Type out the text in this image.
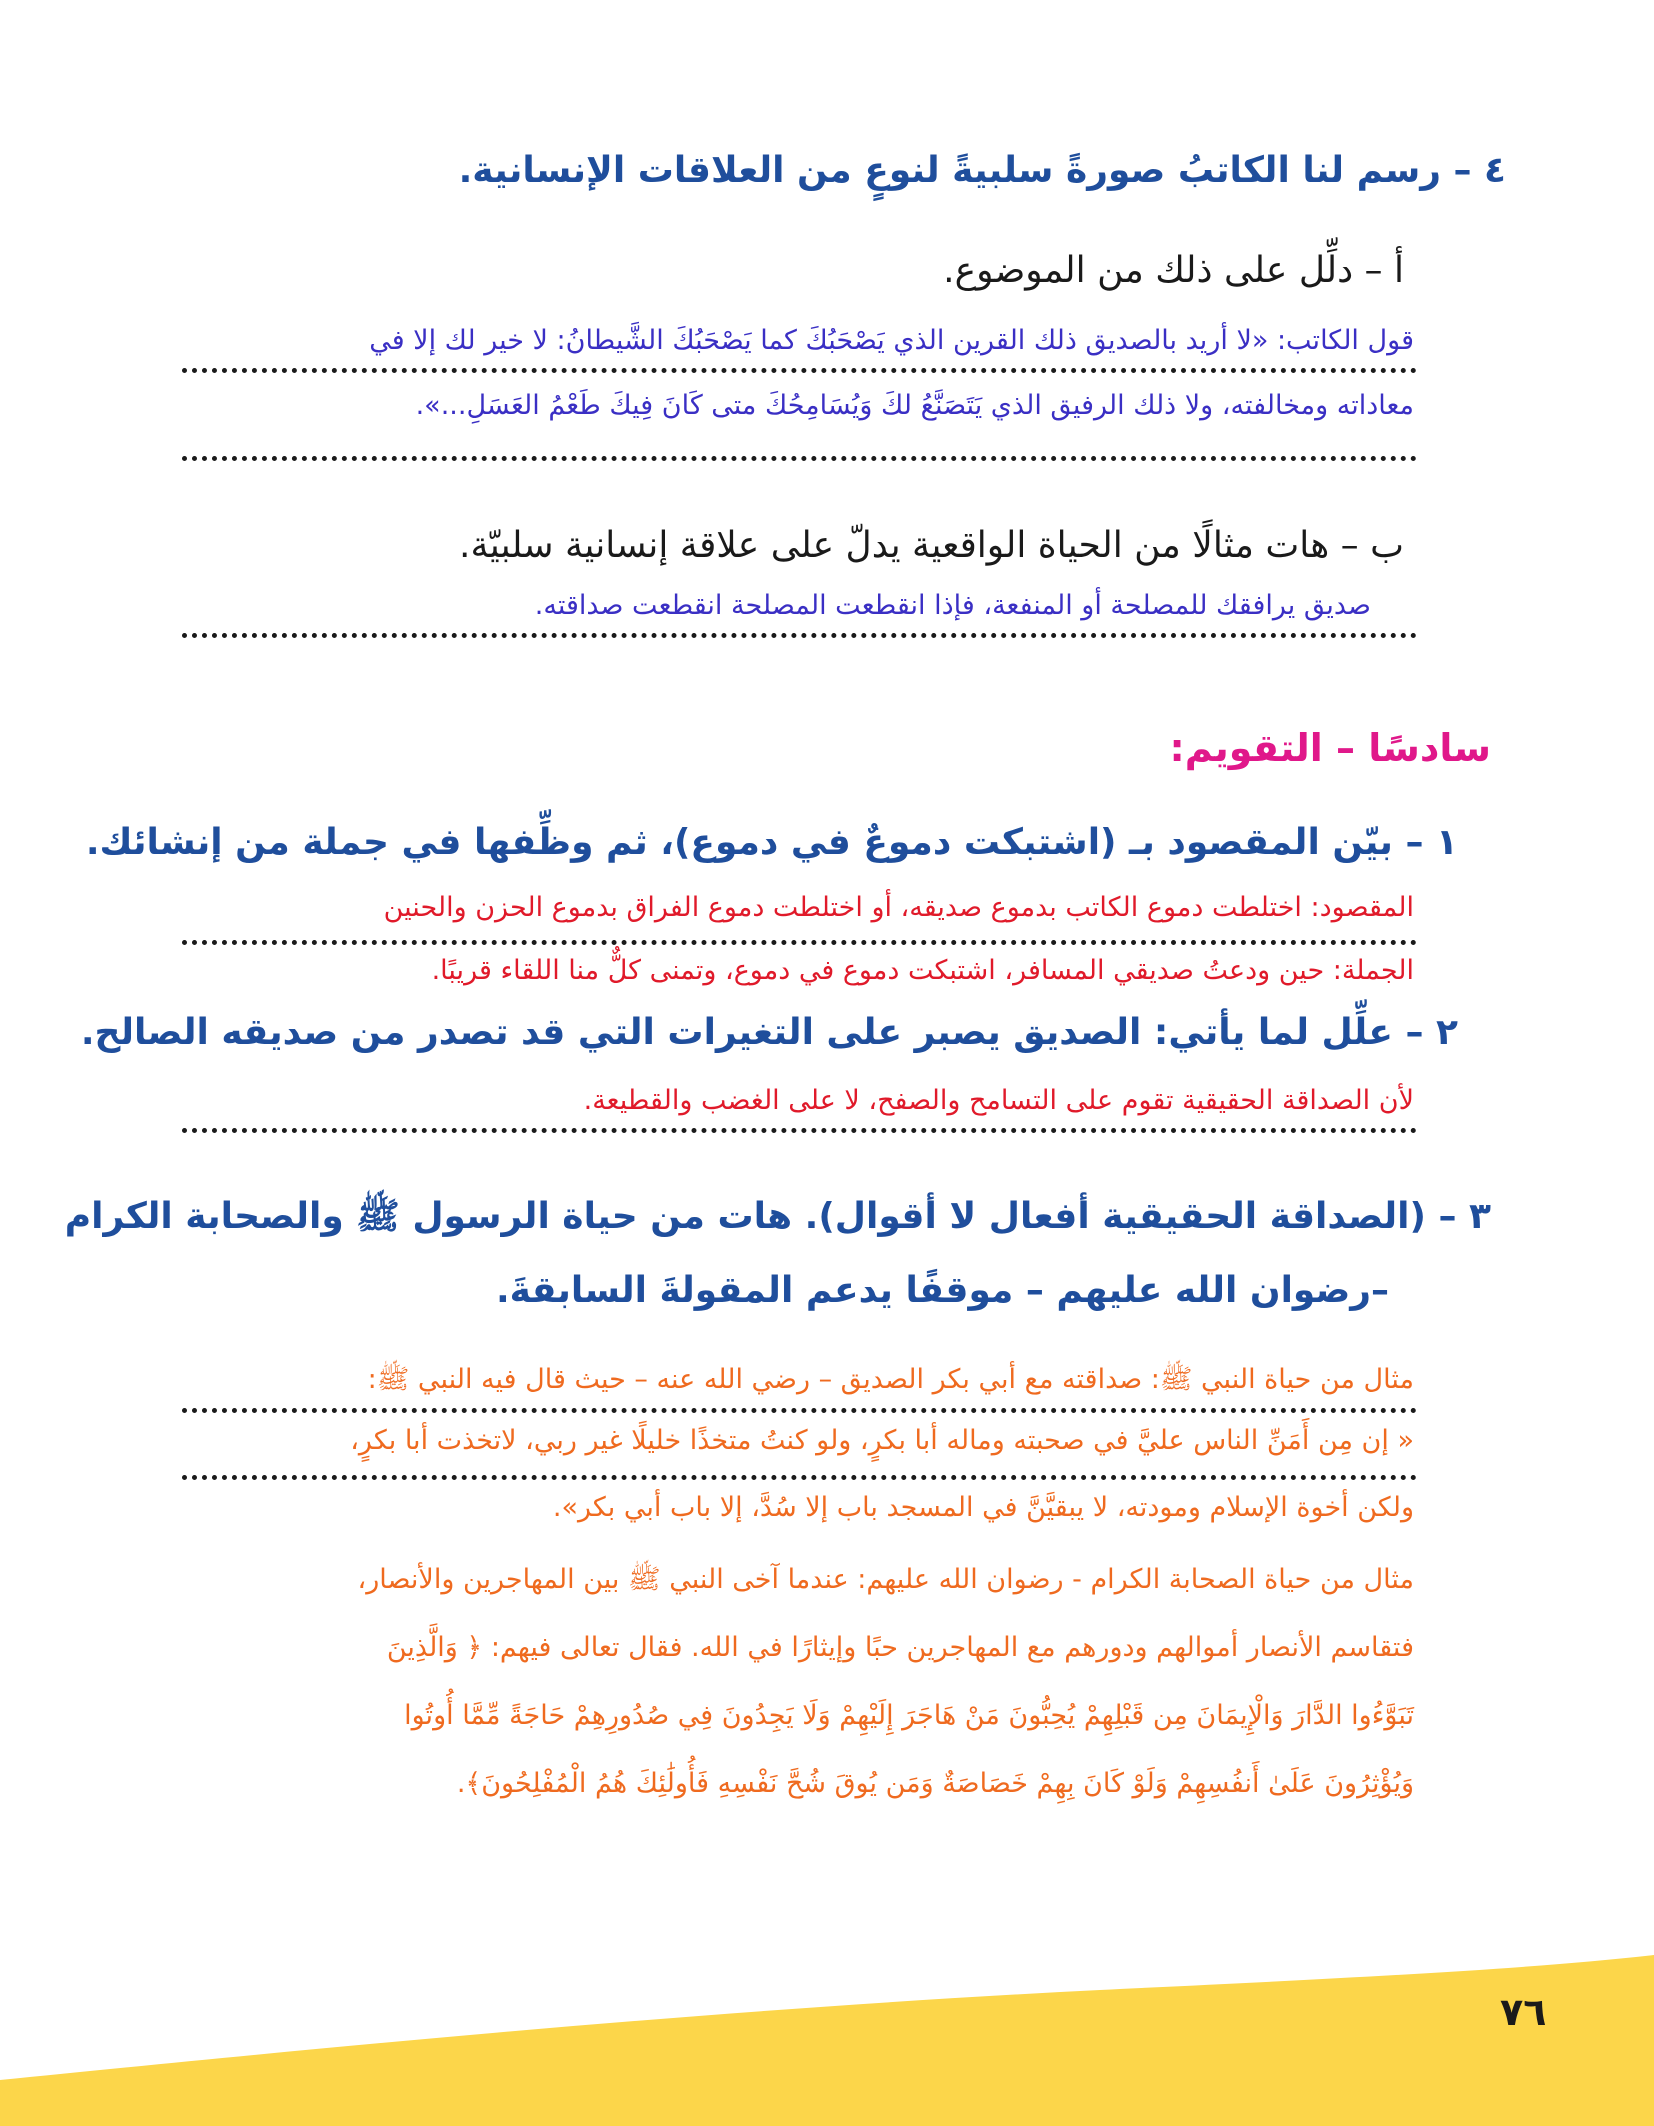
٤ – رسم لنا الكاتبُ صورةً سلبيةً لنوعٍ من العلاقات الإنسانية.

أ – دلِّل على ذلك من الموضوع.

قول الكاتب: «لا أريد بالصديق ذلك القرين الذي يَصْحَبُكَ كما يَصْحَبُكَ الشَّيطانُ: لا خير لك إلا في

معاداته ومخالفته، ولا ذلك الرفيق الذي يَتَصَنَّعُ لكَ وَيُسَامِحُكَ متى كَانَ فِيكَ طَعْمُ العَسَلِ...».

ب – هات مثالًا من الحياة الواقعية يدلّ على علاقة إنسانية سلبيّة.

صديق يرافقك للمصلحة أو المنفعة، فإذا انقطعت المصلحة انقطعت صداقته.

سادسًا – التقويم:

١ – بيّن المقصود بـ (اشتبكت دموعٌ في دموع)، ثم وظِّفها في جملة من إنشائك.

المقصود: اختلطت دموع الكاتب بدموع صديقه، أو اختلطت دموع الفراق بدموع الحزن والحنين

الجملة: حين ودعتُ صديقي المسافر، اشتبكت دموع في دموع، وتمنى كلٌّ منا اللقاء قريبًا.

٢ – علِّل لما يأتي: الصديق يصبر على التغيرات التي قد تصدر من صديقه الصالح.

لأن الصداقة الحقيقية تقوم على التسامح والصفح، لا على الغضب والقطيعة.

٣ – (الصداقة الحقيقية أفعال لا أقوال). هات من حياة الرسول ﷺ والصحابة الكرام

–رضوان الله عليهم – موقفًا يدعم المقولةَ السابقةَ.

مثال من حياة النبي ﷺ: صداقته مع أبي بكر الصديق – رضي الله عنه – حيث قال فيه النبي ﷺ:

« إن مِن أَمَنِّ الناس عليَّ في صحبته وماله أبا بكرٍ، ولو كنتُ متخذًا خليلًا غير ربي، لاتخذت أبا بكرٍ،

ولكن أخوة الإسلام ومودته، لا يبقيَّنَّ في المسجد باب إلا سُدَّ، إلا باب أبي بكر».

مثال من حياة الصحابة الكرام - رضوان الله عليهم: عندما آخى النبي ﷺ بين المهاجرين والأنصار،

فتقاسم الأنصار أموالهم ودورهم مع المهاجرين حبًا وإيثارًا في الله. فقال تعالى فيهم: ﴿ وَالَّذِينَ

تَبَوَّءُوا الدَّارَ وَالْإِيمَانَ مِن قَبْلِهِمْ يُحِبُّونَ مَنْ هَاجَرَ إِلَيْهِمْ وَلَا يَجِدُونَ فِي صُدُورِهِمْ حَاجَةً مِّمَّا أُوتُوا

وَيُؤْثِرُونَ عَلَىٰ أَنفُسِهِمْ وَلَوْ كَانَ بِهِمْ خَصَاصَةٌ وَمَن يُوقَ شُحَّ نَفْسِهِ فَأُولَٰئِكَ هُمُ الْمُفْلِحُونَ﴾.

٧٦
